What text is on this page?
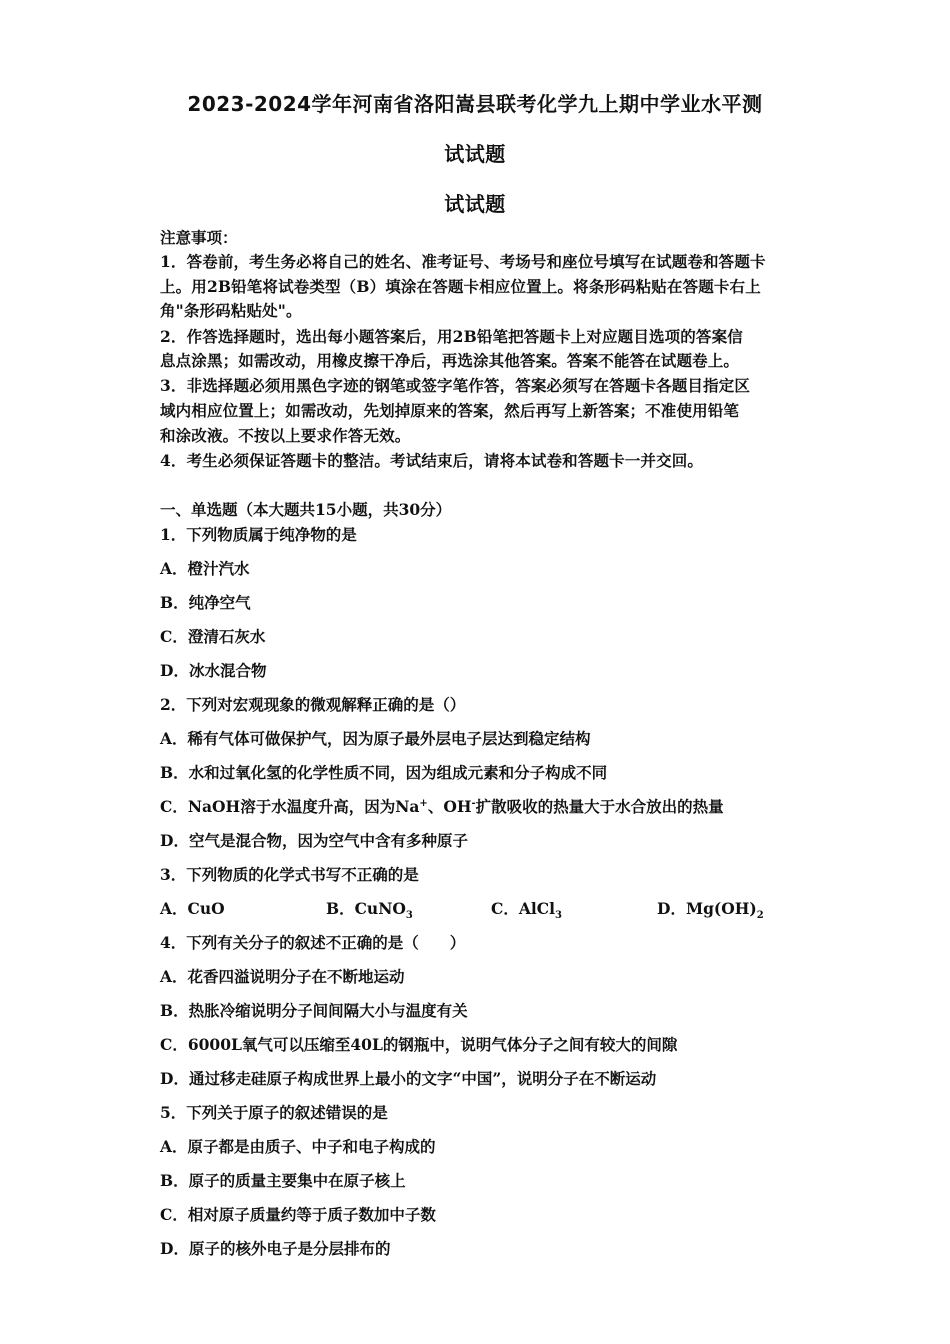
2023-2024学年河南省洛阳嵩县联考化学九上期中学业水平测
试试题
试试题
注意事项：
1．答卷前，考生务必将自己的姓名、准考证号、考场号和座位号填写在试题卷和答题卡
上。用2B铅笔将试卷类型（B）填涂在答题卡相应位置上。将条形码粘贴在答题卡右上
角"条形码粘贴处"。
2．作答选择题时，选出每小题答案后，用2B铅笔把答题卡上对应题目选项的答案信
息点涂黑；如需改动，用橡皮擦干净后，再选涂其他答案。答案不能答在试题卷上。
3．非选择题必须用黑色字迹的钢笔或签字笔作答，答案必须写在答题卡各题目指定区
域内相应位置上；如需改动，先划掉原来的答案，然后再写上新答案；不准使用铅笔
和涂改液。不按以上要求作答无效。
4．考生必须保证答题卡的整洁。考试结束后，请将本试卷和答题卡一并交回。
一、单选题（本大题共15小题，共30分）
1．下列物质属于纯净物的是
A．橙汁汽水
B．纯净空气
C．澄清石灰水
D．冰水混合物
2．下列对宏观现象的微观解释正确的是（）
A．稀有气体可做保护气，因为原子最外层电子层达到稳定结构
B．水和过氧化氢的化学性质不同，因为组成元素和分子构成不同
C．NaOH溶于水温度升高，因为Na+、OH-扩散吸收的热量大于水合放出的热量
D．空气是混合物，因为空气中含有多种原子
3．下列物质的化学式书写不正确的是
A．CuO	B．CuNO$_3$	C．AlCl$_3$	D．$Mg(OH)_2$
4．下列有关分子的叙述不正确的是（　　）
A．花香四溢说明分子在不断地运动
B．热胀冷缩说明分子间间隔大小与温度有关
C．6000L氧气可以压缩至40L的钢瓶中，说明气体分子之间有较大的间隙
D．通过移走硅原子构成世界上最小的文字“中国”，说明分子在不断运动
5．下列关于原子的叙述错误的是
A．原子都是由质子、中子和电子构成的
B．原子的质量主要集中在原子核上
C．相对原子质量约等于质子数加中子数
D．原子的核外电子是分层排布的
